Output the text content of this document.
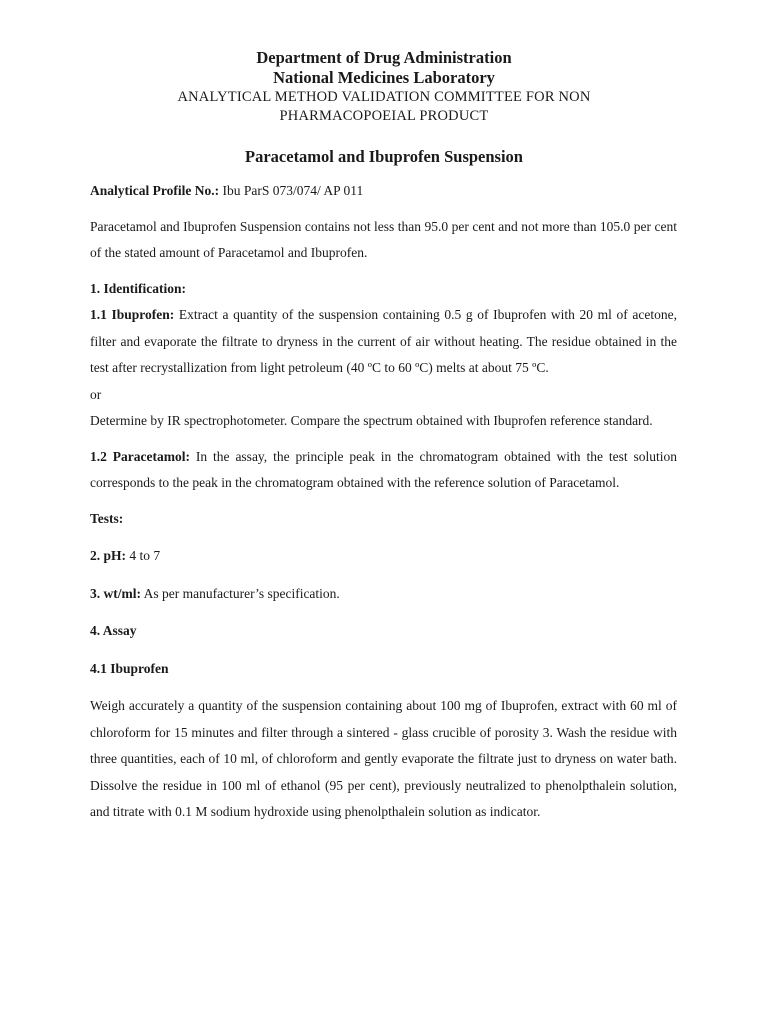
Department of Drug Administration
National Medicines Laboratory
ANALYTICAL METHOD VALIDATION COMMITTEE FOR NON
PHARMACOPOEIAL PRODUCT
Paracetamol and Ibuprofen Suspension

Analytical Profile No.: Ibu ParS 073/074/ AP 011

Paracetamol and Ibuprofen Suspension contains not less than 95.0 per cent and not more than 105.0 per cent of the stated amount of Paracetamol and Ibuprofen.

1. Identification:

1.1 Ibuprofen: Extract a quantity of the suspension containing 0.5 g of Ibuprofen with 20 ml of acetone, filter and evaporate the filtrate to dryness in the current of air without heating. The residue obtained in the test after recrystallization from light petroleum (40 ºC to 60 ºC) melts at about 75 ºC.

or

Determine by IR spectrophotometer. Compare the spectrum obtained with Ibuprofen reference standard.

1.2 Paracetamol: In the assay, the principle peak in the chromatogram obtained with the test solution corresponds to the peak in the chromatogram obtained with the reference solution of Paracetamol.

Tests:

2. pH: 4 to 7

3. wt/ml: As per manufacturer’s specification.

4. Assay

4.1 Ibuprofen

Weigh accurately a quantity of the suspension containing about 100 mg of Ibuprofen, extract with 60 ml of chloroform for 15 minutes and filter through a sintered - glass crucible of porosity 3. Wash the residue with three quantities, each of 10 ml, of chloroform and gently evaporate the filtrate just to dryness on water bath. Dissolve the residue in 100 ml of ethanol (95 per cent), previously neutralized to phenolpthalein solution, and titrate with 0.1 M sodium hydroxide using phenolpthalein solution as indicator.
